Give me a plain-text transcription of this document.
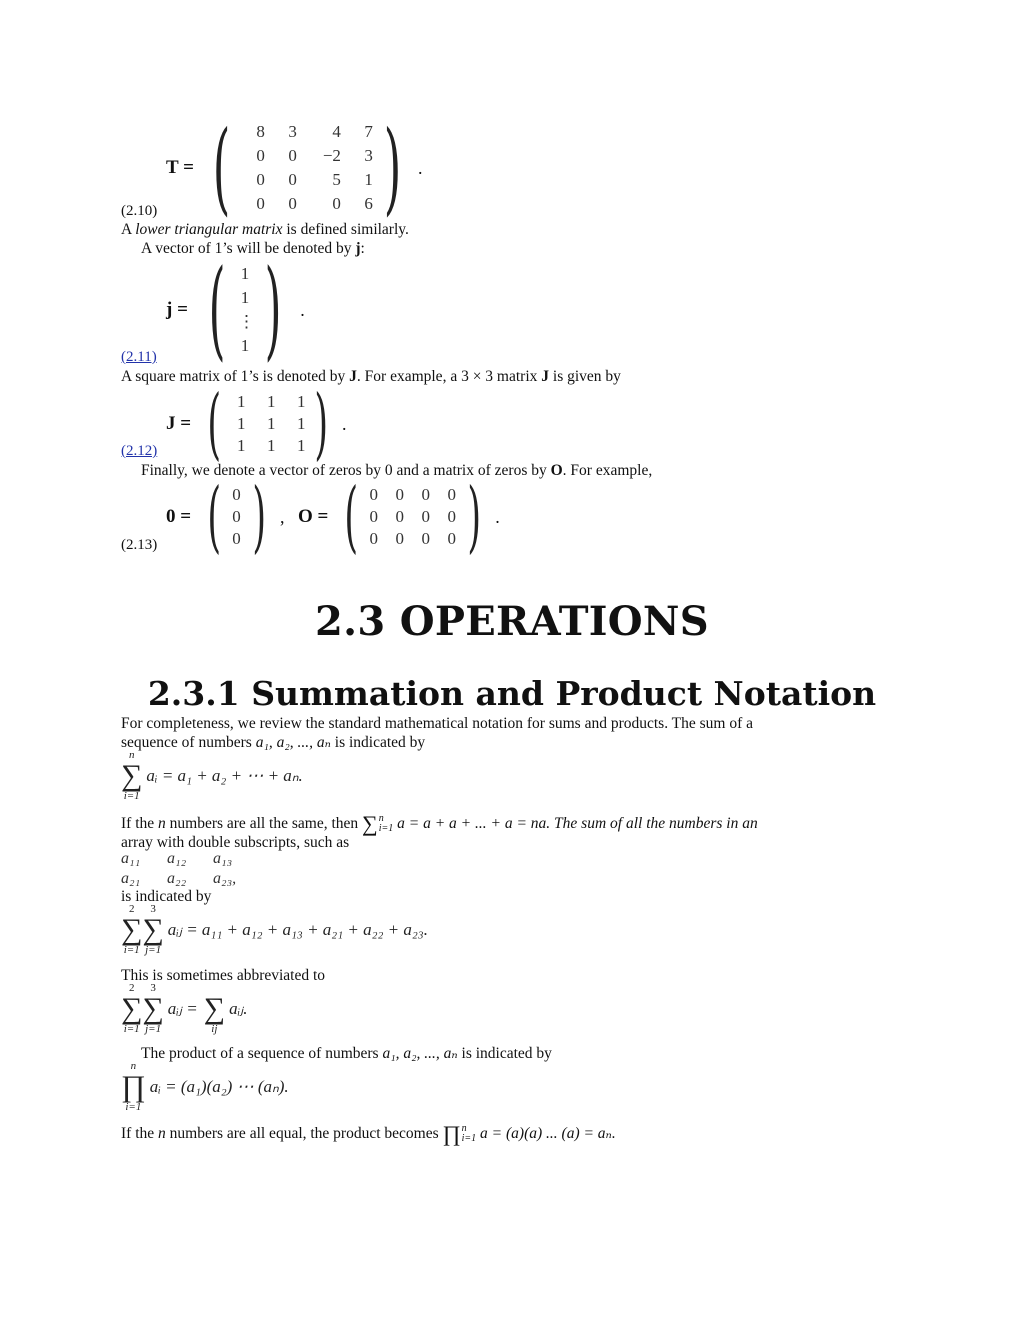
T = (	8	3	4	7
0	0	−2	3
0	0	5	1
0	0	0	6 ) .
(2.10)
A lower triangular matrix is defined similarly.
A vector of 1’s will be denoted by j:
j = ( 1
1
⋮
1 ) .
(2.11)
A square matrix of 1’s is denoted by J. For example, a 3 × 3 matrix J is given by
J = ( 1	1	1
1	1	1
1	1	1 ) .
(2.12)
Finally, we denote a vector of zeros by 0 and a matrix of zeros by O. For example,
0 = ( 0
0
0 ) , O = ( 0 0 0 0
0 0 0 0
0 0 0 0 ) .
(2.13)
2.3 OPERATIONS
2.3.1 Summation and Product Notation
For completeness, we review the standard mathematical notation for sums and products. The sum of a
sequence of numbers a₁, a₂, ..., aₙ is indicated by
n
∑
i=1
aᵢ = a₁ + a₂ + ⋯ + aₙ.
If the n numbers are all the same, then ∑ n
i=1 a = a + a + ... + a = na. The sum of all the numbers in an
array with double subscripts, such as
a₁₁	a₁₂	a₁₃
a₂₁	a₂₂	a₂₃,
is indicated by
2
∑
i=1
3
∑
j=1
aᵢⱼ = a₁₁ + a₁₂ + a₁₃ + a₂₁ + a₂₂ + a₂₃.
This is sometimes abbreviated to
2
∑
i=1
3
∑
j=1
aᵢⱼ =
∑
ij
aᵢⱼ.
The product of a sequence of numbers a₁, a₂, ..., aₙ is indicated by
n
∏
i=1
aᵢ = (a₁)(a₂) ⋯ (aₙ).
If the n numbers are all equal, the product becomes ∏ n
i=1 a = (a)(a) ... (a) = aₙ.
